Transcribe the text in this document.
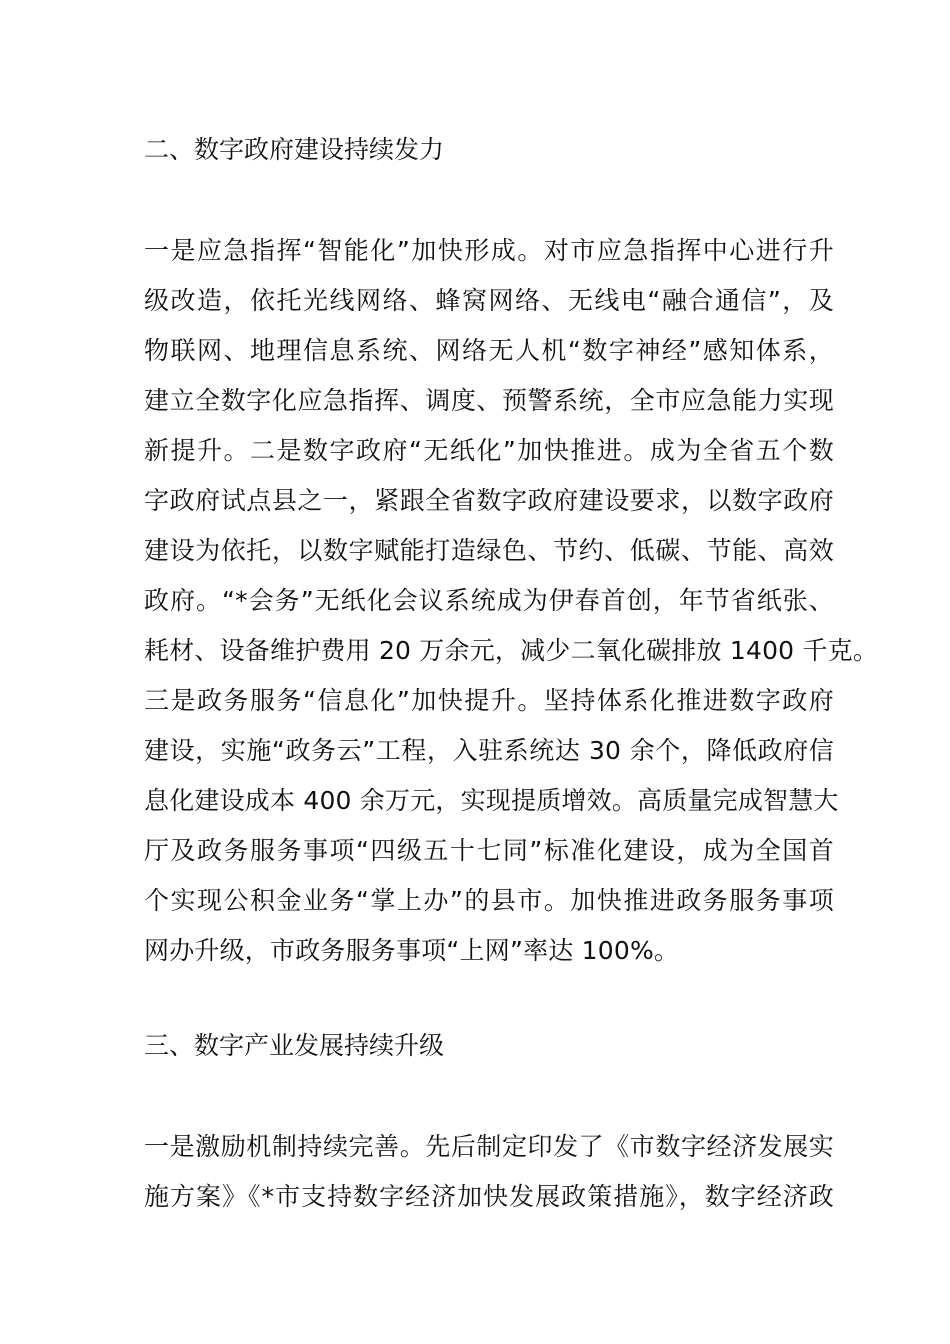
二、数字政府建设持续发力
一是应急指挥“智能化”加快形成。对市应急指挥中心进行升
级改造，依托光线网络、蜂窝网络、无线电“融合通信”，及
物联网、地理信息系统、网络无人机“数字神经”感知体系，
建立全数字化应急指挥、调度、预警系统，全市应急能力实现
新提升。二是数字政府“无纸化”加快推进。成为全省五个数
字政府试点县之一，紧跟全省数字政府建设要求，以数字政府
建设为依托，以数字赋能打造绿色、节约、低碳、节能、高效
政府。“*会务”无纸化会议系统成为伊春首创，年节省纸张、
耗材、设备维护费用 20 万余元，减少二氧化碳排放 1400 千克。
三是政务服务“信息化”加快提升。坚持体系化推进数字政府
建设，实施“政务云”工程，入驻系统达 30 余个，降低政府信
息化建设成本 400 余万元，实现提质增效。高质量完成智慧大
厅及政务服务事项“四级五十七同”标准化建设，成为全国首
个实现公积金业务“掌上办”的县市。加快推进政务服务事项
网办升级，市政务服务事项“上网”率达 100%。
三、数字产业发展持续升级
一是激励机制持续完善。先后制定印发了《市数字经济发展实
施方案》《*市支持数字经济加快发展政策措施》，数字经济政
